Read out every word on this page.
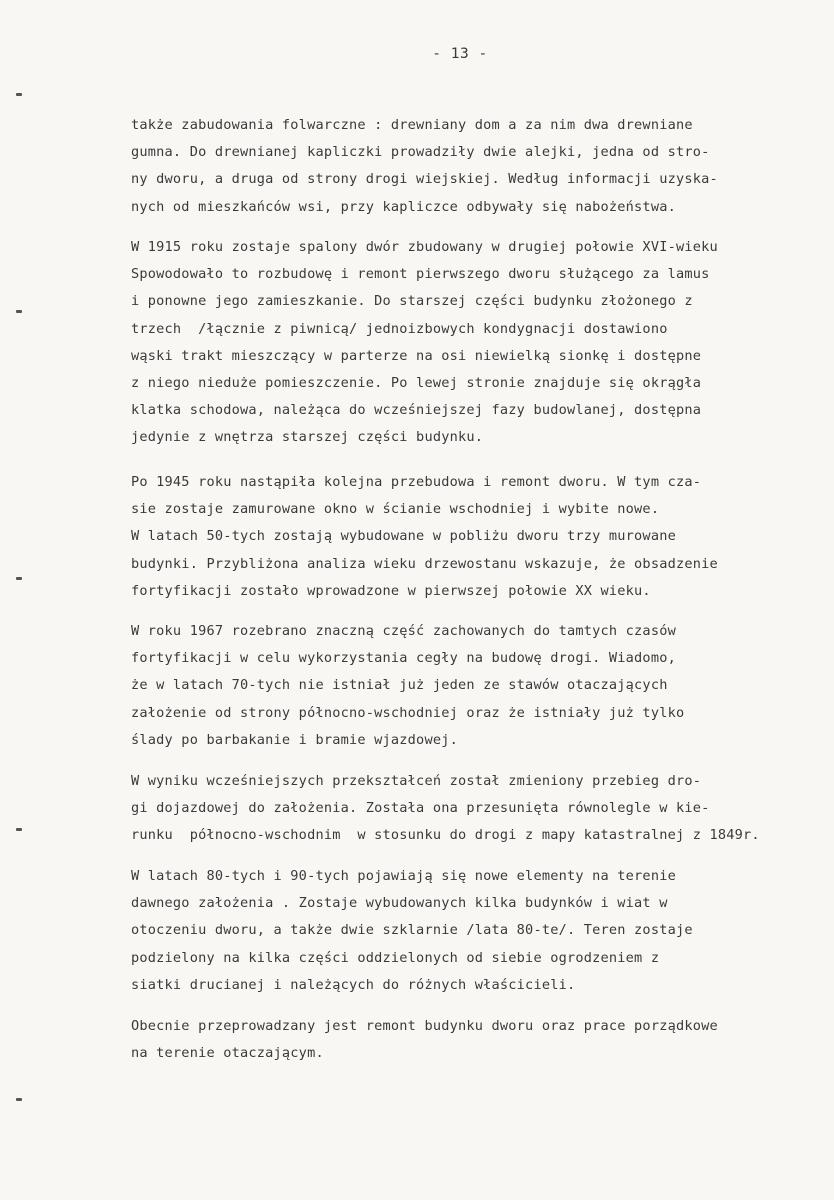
- 13 -
także zabudowania folwarczne : drewniany dom a za nim dwa drewniane
gumna. Do drewnianej kapliczki prowadziły dwie alejki, jedna od stro-
ny dworu, a druga od strony drogi wiejskiej. Według informacji uzyska-
nych od mieszkańców wsi, przy kapliczce odbywały się nabożeństwa.
W 1915 roku zostaje spalony dwór zbudowany w drugiej połowie XVI-wieku
Spowodowało to rozbudowę i remont pierwszego dworu służącego za lamus
i ponowne jego zamieszkanie. Do starszej części budynku złożonego z
trzech  /łącznie z piwnicą/ jednoizbowych kondygnacji dostawiono
wąski trakt mieszczący w parterze na osi niewielką sionkę i dostępne
z niego nieduże pomieszczenie. Po lewej stronie znajduje się okrągła
klatka schodowa, należąca do wcześniejszej fazy budowlanej, dostępna
jedynie z wnętrza starszej części budynku.
Po 1945 roku nastąpiła kolejna przebudowa i remont dworu. W tym cza-
sie zostaje zamurowane okno w ścianie wschodniej i wybite nowe.
W latach 50-tych zostają wybudowane w pobliżu dworu trzy murowane
budynki. Przybliżona analiza wieku drzewostanu wskazuje, że obsadzenie
fortyfikacji zostało wprowadzone w pierwszej połowie XX wieku.
W roku 1967 rozebrano znaczną część zachowanych do tamtych czasów
fortyfikacji w celu wykorzystania cegły na budowę drogi. Wiadomo,
że w latach 70-tych nie istniał już jeden ze stawów otaczających
założenie od strony północno-wschodniej oraz że istniały już tylko
ślady po barbakanie i bramie wjazdowej.
W wyniku wcześniejszych przekształceń został zmieniony przebieg dro-
gi dojazdowej do założenia. Została ona przesunięta równolegle w kie-
runku  północno-wschodnim  w stosunku do drogi z mapy katastralnej z 1849r.
W latach 80-tych i 90-tych pojawiają się nowe elementy na terenie
dawnego założenia . Zostaje wybudowanych kilka budynków i wiat w
otoczeniu dworu, a także dwie szklarnie /lata 80-te/. Teren zostaje
podzielony na kilka części oddzielonych od siebie ogrodzeniem z
siatki drucianej i należących do różnych właścicieli.
Obecnie przeprowadzany jest remont budynku dworu oraz prace porządkowe
na terenie otaczającym.
